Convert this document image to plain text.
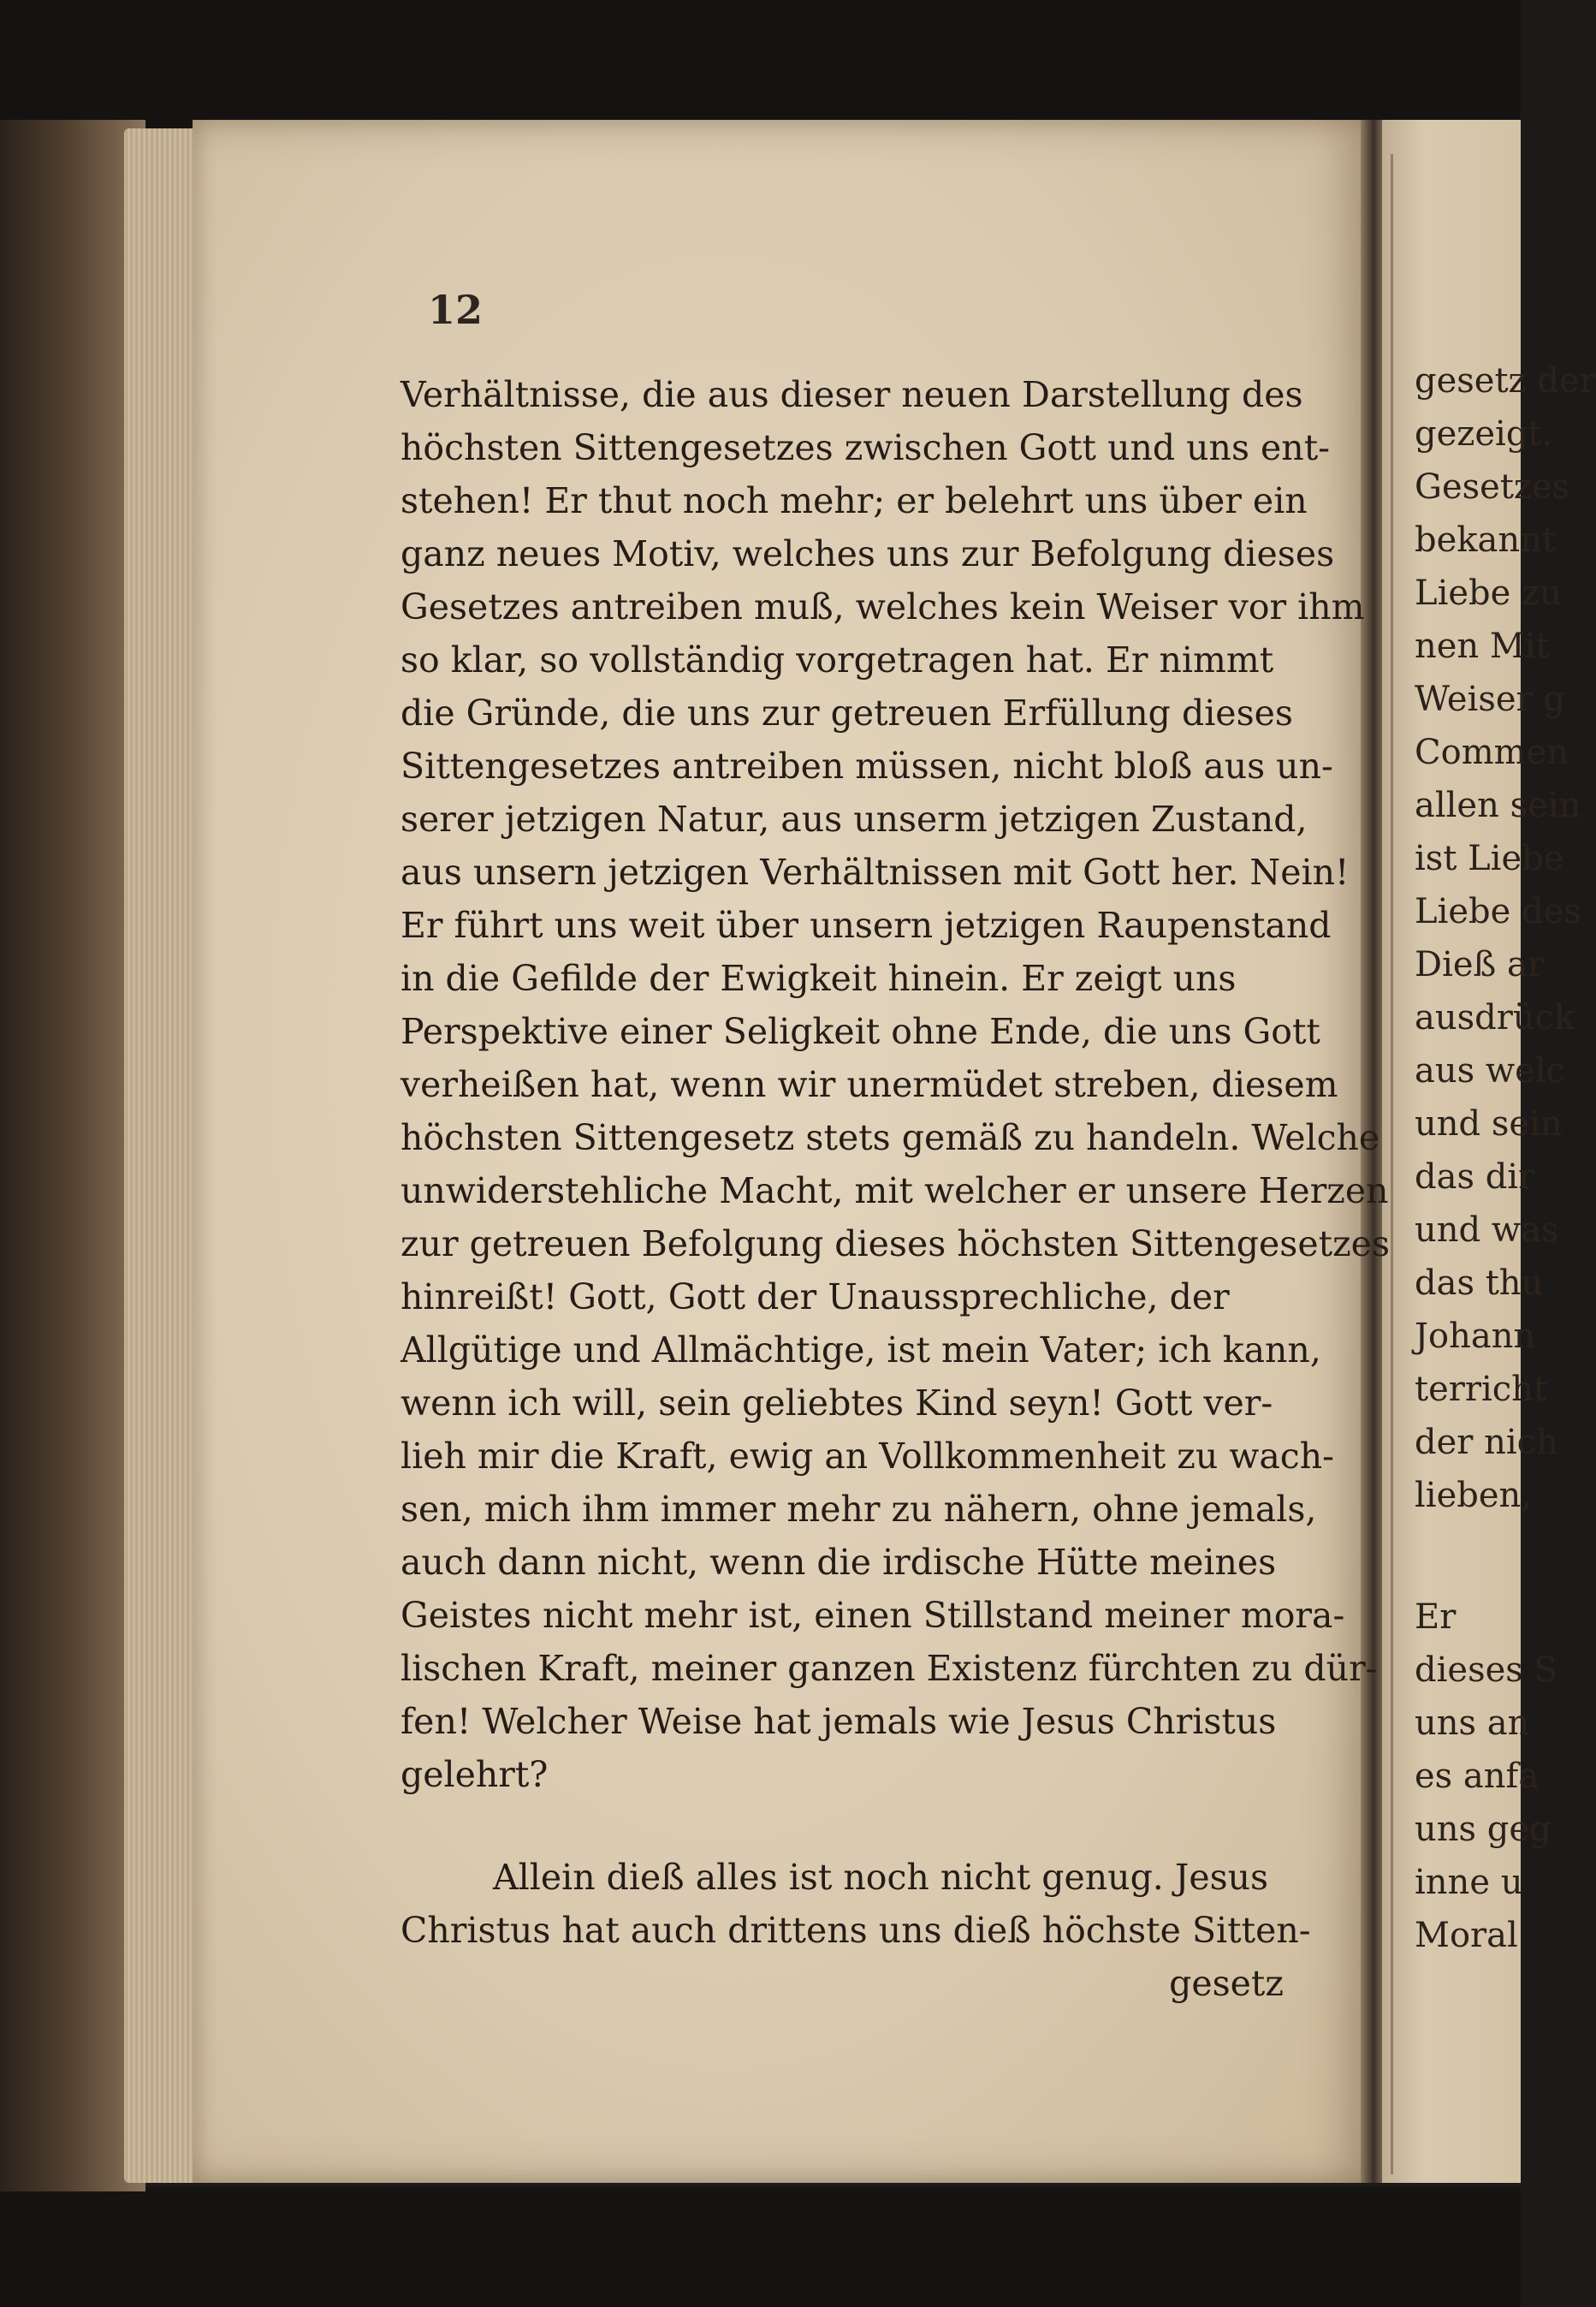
gesetz der
gezeigt.
Gesetzes
bekannt
Liebe zu
nen Mit
Weiser g
Commen
allen sein
ist Liebe
Liebe des
Dieß ar
ausdrück
aus welc
und sein
das dir
und was
das thu
Johann
terricht
der nich
lieben,
Er
dieses S
uns an
es anfa
uns geg
inne u
Moral
12
Verhältnisse, die aus dieser neuen Darstellung des
höchsten Sittengesetzes zwischen Gott und uns ent-
stehen! Er thut noch mehr; er belehrt uns über ein
ganz neues Motiv, welches uns zur Befolgung dieses
Gesetzes antreiben muß, welches kein Weiser vor ihm
so klar, so vollständig vorgetragen hat. Er nimmt
die Gründe, die uns zur getreuen Erfüllung dieses
Sittengesetzes antreiben müssen, nicht bloß aus un-
serer jetzigen Natur, aus unserm jetzigen Zustand,
aus unsern jetzigen Verhältnissen mit Gott her. Nein!
Er führt uns weit über unsern jetzigen Raupenstand
in die Gefilde der Ewigkeit hinein. Er zeigt uns
Perspektive einer Seligkeit ohne Ende, die uns Gott
verheißen hat, wenn wir unermüdet streben, diesem
höchsten Sittengesetz stets gemäß zu handeln. Welche
unwiderstehliche Macht, mit welcher er unsere Herzen
zur getreuen Befolgung dieses höchsten Sittengesetzes
hinreißt! Gott, Gott der Unaussprechliche, der
Allgütige und Allmächtige, ist mein Vater; ich kann,
wenn ich will, sein geliebtes Kind seyn! Gott ver-
lieh mir die Kraft, ewig an Vollkommenheit zu wach-
sen, mich ihm immer mehr zu nähern, ohne jemals,
auch dann nicht, wenn die irdische Hütte meines
Geistes nicht mehr ist, einen Stillstand meiner mora-
lischen Kraft, meiner ganzen Existenz fürchten zu dür-
fen! Welcher Weise hat jemals wie Jesus Christus
gelehrt?
Allein dieß alles ist noch nicht genug. Jesus
Christus hat auch drittens uns dieß höchste Sitten-
gesetz
